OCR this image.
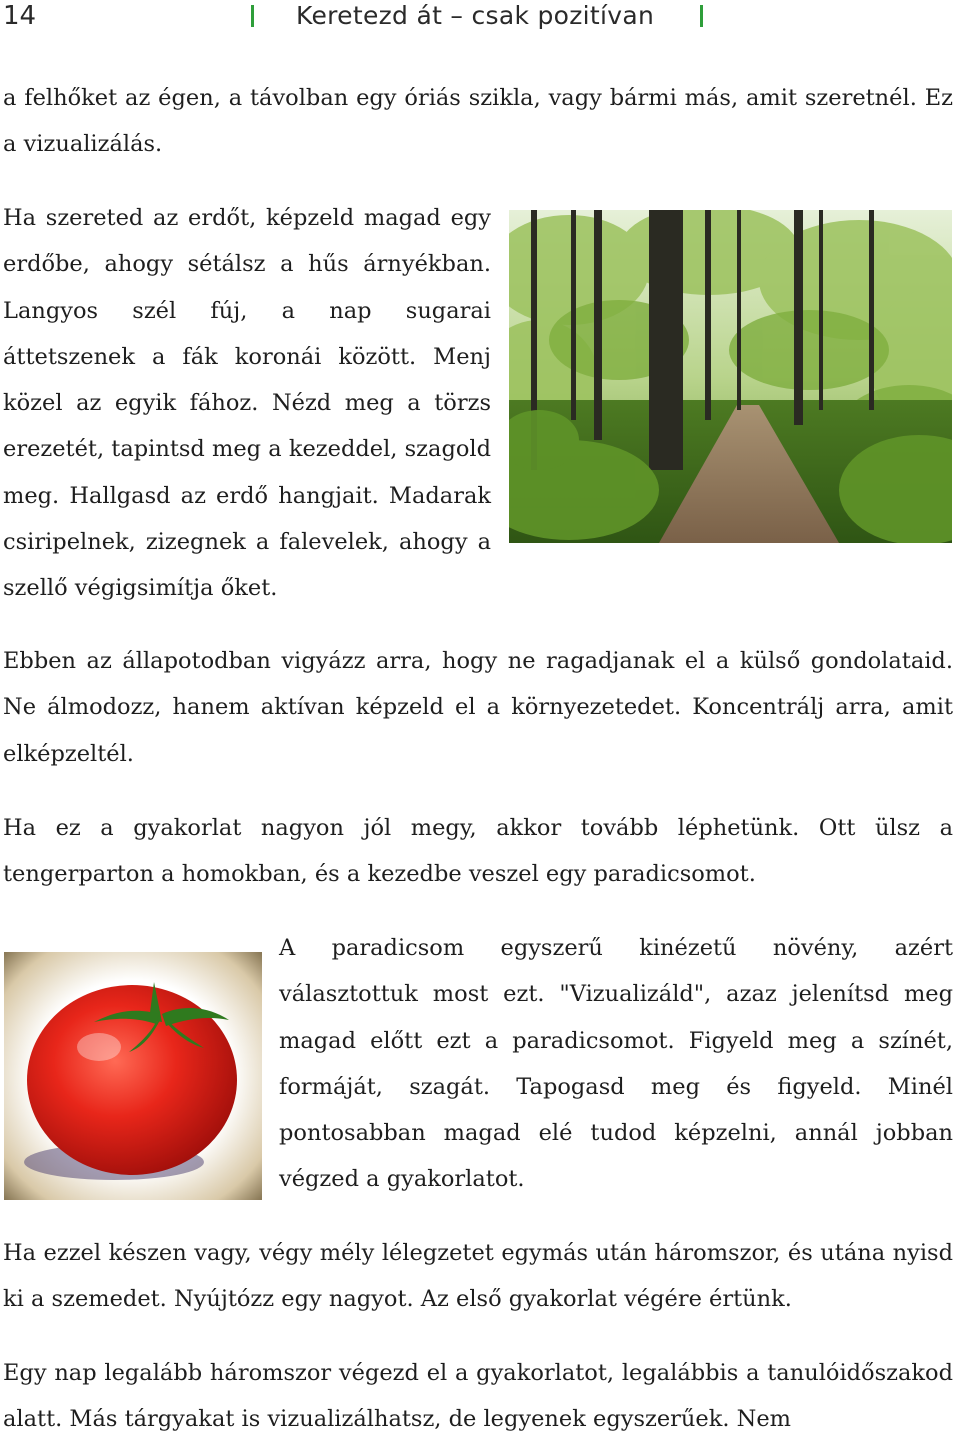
14	Keretezd át – csak pozitívan

a felhőket az égen, a távolban egy óriás szikla, vagy bármi más, amit szeretnél. Ez a vizualizálás.

Ha szereted az erdőt, képzeld magad egy erdőbe, ahogy sétálsz a hűs árnyékban. Langyos szél fúj, a nap sugarai áttetszenek a fák koronái között. Menj közel az egyik fához. Nézd meg a törzs erezetét, tapintsd meg a kezeddel, szagold meg. Hallgasd az erdő hangjait. Madarak csiripelnek, zizegnek a falevelek, ahogy a szellő végigsimítja őket.

Ebben az állapotodban vigyázz arra, hogy ne ragadjanak el a külső gondolataid. Ne álmodozz, hanem aktívan képzeld el a környezetedet. Koncentrálj arra, amit elképzeltél.

Ha ez a gyakorlat nagyon jól megy, akkor tovább léphetünk. Ott ülsz a tengerparton a homokban, és a kezedbe veszel egy paradicsomot.

A paradicsom egyszerű kinézetű növény, azért választottuk most ezt. "Vizualizáld", azaz jelenítsd meg magad előtt ezt a paradicsomot. Figyeld meg a színét, formáját, szagát. Tapogasd meg és figyeld. Minél pontosabban magad elé tudod képzelni, annál jobban végzed a gyakorlatot.

Ha ezzel készen vagy, végy mély lélegzetet egymás után háromszor, és utána nyisd ki a szemedet. Nyújtózz egy nagyot. Az első gyakorlat végére értünk.

Egy nap legalább háromszor végezd el a gyakorlatot, legalábbis a tanulóidőszakod alatt. Más tárgyakat is vizualizálhatsz, de legyenek egyszerűek. Nem
